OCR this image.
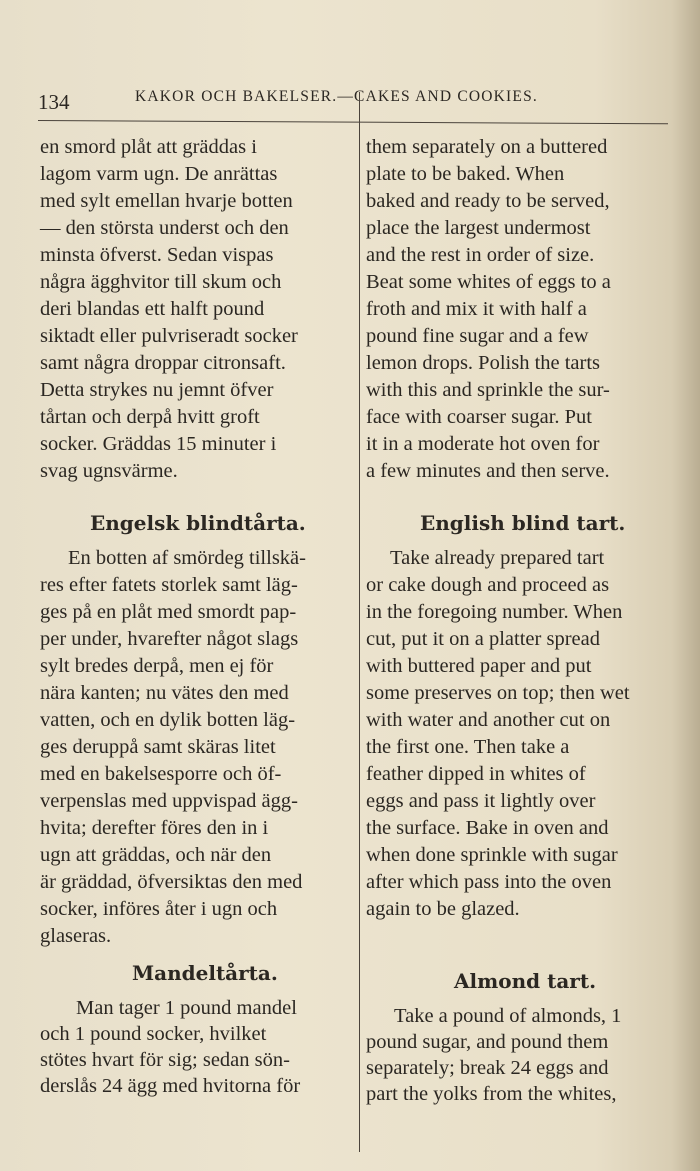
134	KAKOR OCH BAKELSER.—CAKES AND COOKIES.

en smord plåt att gräddas i

lagom varm ugn. De anrättas

med sylt emellan hvarje botten

— den största underst och den

minsta öfverst. Sedan vispas

några ägghvitor till skum och

deri blandas ett halft pound

siktadt eller pulvriseradt socker

samt några droppar citronsaft.

Detta strykes nu jemnt öfver

tårtan och derpå hvitt groft

socker. Gräddas 15 minuter i

svag ugnsvärme.

Engelsk blindtårta.

En botten af smördeg tillskä-

res efter fatets storlek samt läg-

ges på en plåt med smordt pap-

per under, hvarefter något slags

sylt bredes derpå, men ej för

nära kanten; nu vätes den med

vatten, och en dylik botten läg-

ges deruppå samt skäras litet

med en bakelsesporre och öf-

verpenslas med uppvispad ägg-

hvita; derefter föres den in i

ugn att gräddas, och när den

är gräddad, öfversiktas den med

socker, införes åter i ugn och

glaseras.

Mandeltårta.

Man tager 1 pound mandel

och 1 pound socker, hvilket

stötes hvart för sig; sedan sön-

derslås 24 ägg med hvitorna för

them separately on a buttered

plate to be baked. When

baked and ready to be served,

place the largest undermost

and the rest in order of size.

Beat some whites of eggs to a

froth and mix it with half a

pound fine sugar and a few

lemon drops. Polish the tarts

with this and sprinkle the sur-

face with coarser sugar. Put

it in a moderate hot oven for

a few minutes and then serve.

English blind tart.

Take already prepared tart

or cake dough and proceed as

in the foregoing number. When

cut, put it on a platter spread

with buttered paper and put

some preserves on top; then wet

with water and another cut on

the first one. Then take a

feather dipped in whites of

eggs and pass it lightly over

the surface. Bake in oven and

when done sprinkle with sugar

after which pass into the oven

again to be glazed.

Almond tart.

Take a pound of almonds, 1

pound sugar, and pound them

separately; break 24 eggs and

part the yolks from the whites,
